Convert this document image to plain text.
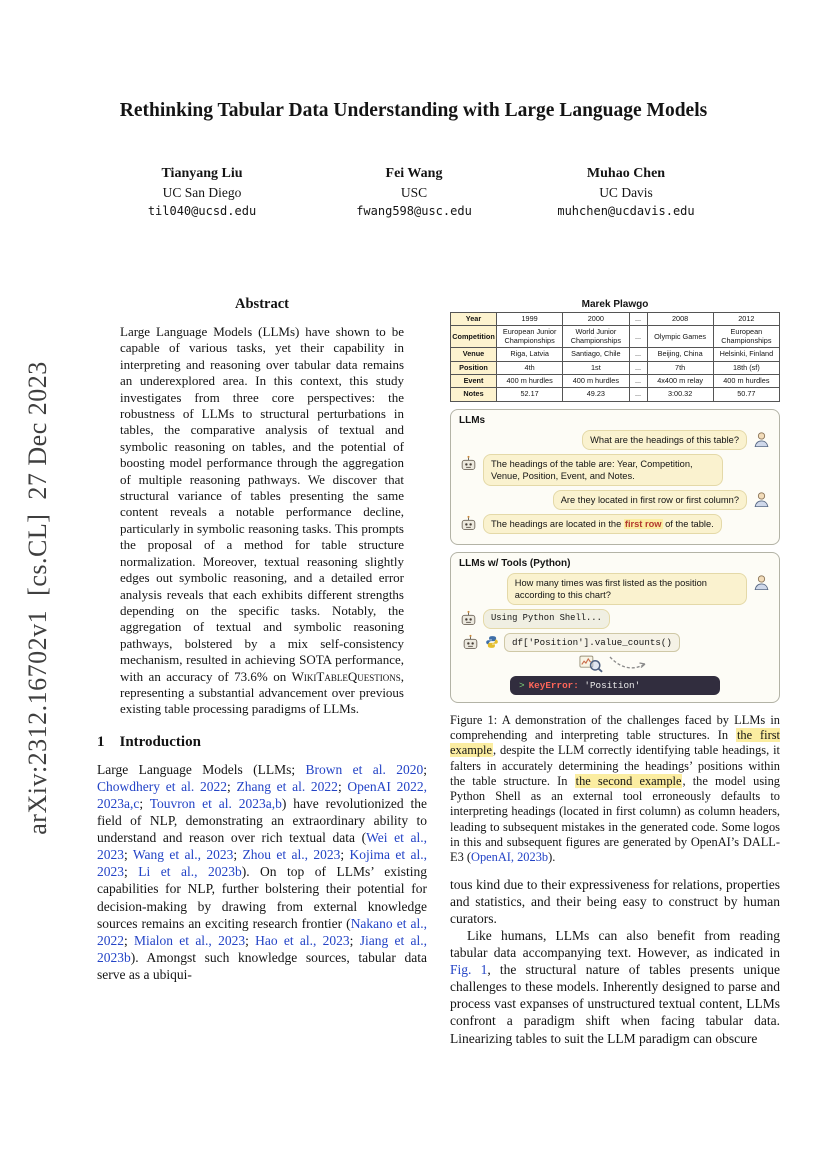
arXiv:2312.16702v1  [cs.CL]  27 Dec 2023
Rethinking Tabular Data Understanding with Large Language Models
Tianyang Liu
UC San Diego
til040@ucsd.edu
Fei Wang
USC
fwang598@usc.edu
Muhao Chen
UC Davis
muhchen@ucdavis.edu
Abstract

Large Language Models (LLMs) have shown to be capable of various tasks, yet their capability in interpreting and reasoning over tabular data remains an underexplored area. In this context, this study investigates from three core perspectives: the robustness of LLMs to structural perturbations in tables, the comparative analysis of textual and symbolic reasoning on tables, and the potential of boosting model performance through the aggregation of multiple reasoning pathways. We discover that structural variance of tables presenting the same content reveals a notable performance decline, particularly in symbolic reasoning tasks. This prompts the proposal of a method for table structure normalization. Moreover, textual reasoning slightly edges out symbolic reasoning, and a detailed error analysis reveals that each exhibits different strengths depending on the specific tasks. Notably, the aggregation of textual and symbolic reasoning pathways, bolstered by a mix self-consistency mechanism, resulted in achieving SOTA performance, with an accuracy of 73.6% on WikiTableQuestions, representing a substantial advancement over previous existing table processing paradigms of LLMs.

1 Introduction

Large Language Models (LLMs; Brown et al. 2020; Chowdhery et al. 2022; Zhang et al. 2022; OpenAI 2022, 2023a,c; Touvron et al. 2023a,b) have revolutionized the field of NLP, demonstrating an extraordinary ability to understand and reason over rich textual data (Wei et al., 2023; Wang et al., 2023; Zhou et al., 2023; Kojima et al., 2023; Li et al., 2023b). On top of LLMs’ existing capabilities for NLP, further bolstering their potential for decision-making by drawing from external knowledge sources remains an exciting research frontier (Nakano et al., 2022; Mialon et al., 2023; Hao et al., 2023; Jiang et al., 2023b). Amongst such knowledge sources, tabular data serve as a ubiqui-

Marek Plawgo
Year	1999	2000	...	2008	2012
Competition	European Junior Championships	World Junior Championships	...	Olympic Games	European Championships
Venue	Riga, Latvia	Santiago, Chile	...	Beijing, China	Helsinki, Finland
Position	4th	1st	...	7th	18th (sf)
Event	400 m hurdles	400 m hurdles	...	4x400 m relay	400 m hurdles
Notes	52.17	49.23	...	3:00.32	50.77
LLMs
What are the headings of this table?
The headings of the table are: Year, Competition, Venue, Position, Event, and Notes.
Are they located in first row or first column?
The headings are located in the first row of the table.
LLMs w/ Tools (Python)
How many times was first listed as the position according to this chart?
Using Python Shell...
df['Position'].value_counts()
> KeyError: 'Position'
Figure 1: A demonstration of the challenges faced by LLMs in comprehending and interpreting table structures. In the first example, despite the LLM correctly identifying table headings, it falters in accurately determining the headings’ positions within the table structure. In the second example, the model using Python Shell as an external tool erroneously defaults to interpreting headings (located in first column) as column headers, leading to subsequent mistakes in the generated code. Some logos in this and subsequent figures are generated by OpenAI’s DALL-E3 (OpenAI, 2023b).

tous kind due to their expressiveness for relations, properties and statistics, and their being easy to construct by human curators.

Like humans, LLMs can also benefit from reading tabular data accompanying text. However, as indicated in Fig. 1, the structural nature of tables presents unique challenges to these models. Inherently designed to parse and process vast expanses of unstructured textual content, LLMs confront a paradigm shift when facing tabular data. Linearizing tables to suit the LLM paradigm can obscure
